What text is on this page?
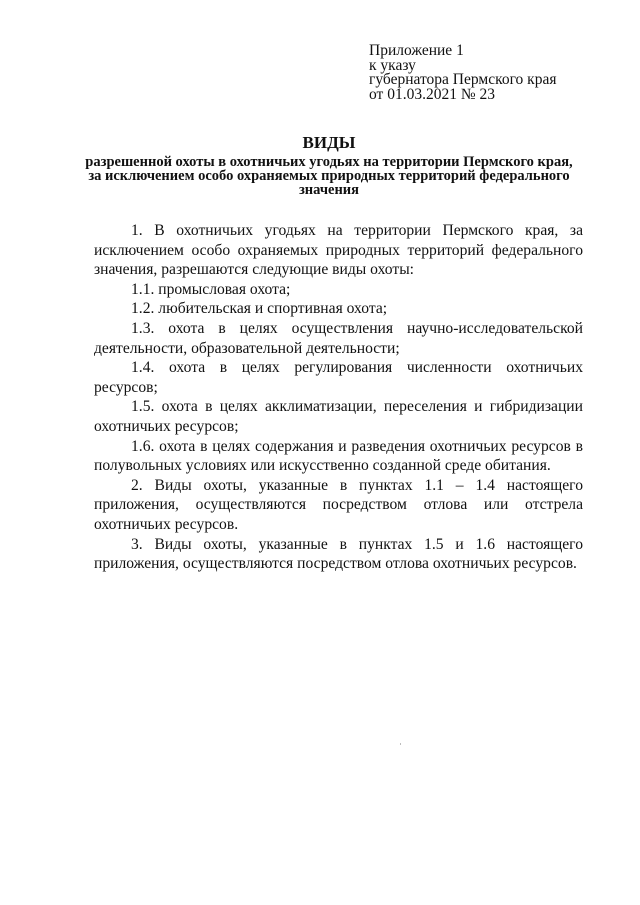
Приложение 1
к указу
губернатора Пермского края
от 01.03.2021 № 23
ВИДЫ
разрешенной охоты в охотничьих угодьях на территории Пермского края, за исключением особо охраняемых природных территорий федерального значения

1. В охотничьих угодьях на территории Пермского края, за исключением особо охраняемых природных территорий федерального значения, разрешаются следующие виды охоты:

1.1. промысловая охота;

1.2. любительская и спортивная охота;

1.3. охота в целях осуществления научно-исследовательской деятельности, образовательной деятельности;

1.4. охота в целях регулирования численности охотничьих ресурсов;

1.5. охота в целях акклиматизации, переселения и гибридизации охотничьих ресурсов;

1.6. охота в целях содержания и разведения охотничьих ресурсов в полувольных условиях или искусственно созданной среде обитания.

2. Виды охоты, указанные в пунктах 1.1 – 1.4 настоящего приложения, осуществляются посредством отлова или отстрела охотничьих ресурсов.

3. Виды охоты, указанные в пунктах 1.5 и 1.6 настоящего приложения, осуществляются посредством отлова охотничьих ресурсов.
